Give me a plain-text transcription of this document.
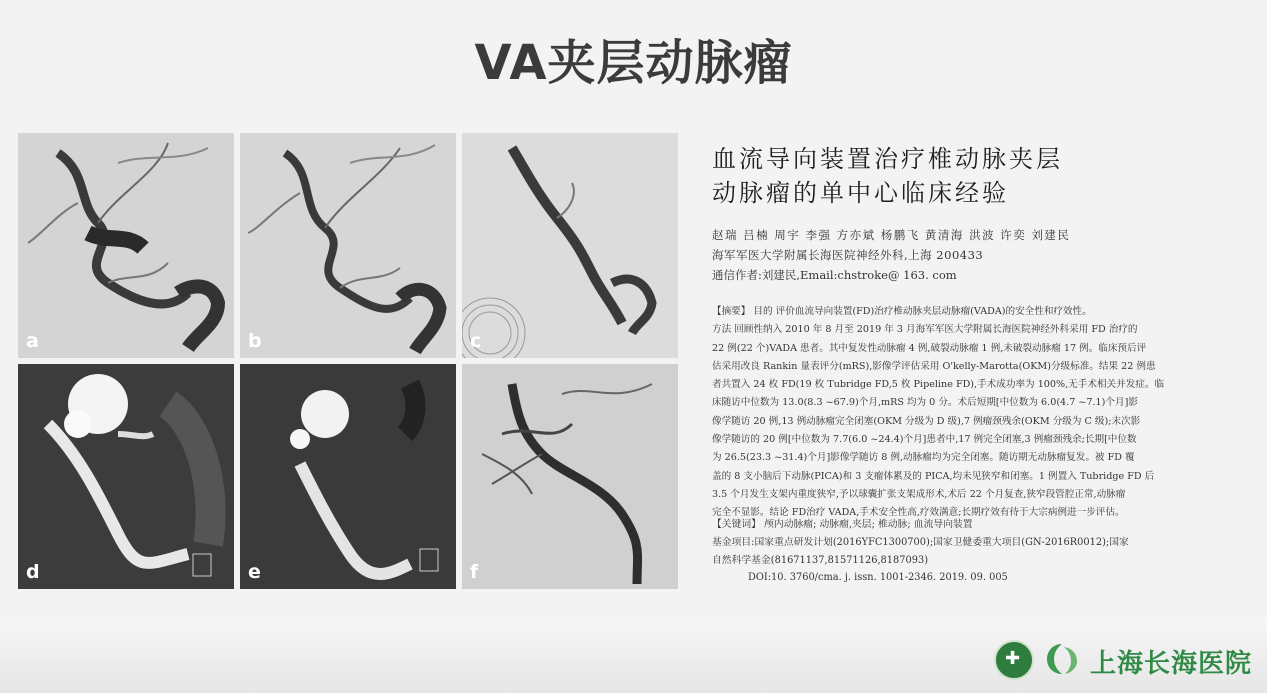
VA夹层动脉瘤
a	b	c
d	e	f
血流导向装置治疗椎动脉夹层
动脉瘤的单中心临床经验
赵瑞 吕楠 周宇 李强 方亦斌 杨鹏飞 黄清海 洪波 许奕 刘建民
海军军医大学附属长海医院神经外科,上海 200433
通信作者:刘建民,Email:chstroke@ 163. com

【摘要】 目的 评价血流导向装置(FD)治疗椎动脉夹层动脉瘤(VADA)的安全性和疗效性。

方法 回顾性纳入 2010 年 8 月至 2019 年 3 月海军军医大学附属长海医院神经外科采用 FD 治疗的

22 例(22 个)VADA 患者。其中复发性动脉瘤 4 例,破裂动脉瘤 1 例,未破裂动脉瘤 17 例。临床预后评

估采用改良 Rankin 量表评分(mRS),影像学评估采用 O'kelly-Marotta(OKM)分级标准。结果 22 例患

者共置入 24 枚 FD(19 枚 Tubridge FD,5 枚 Pipeline FD),手术成功率为 100%,无手术相关并发症。临

床随访中位数为 13.0(8.3 ~67.9)个月,mRS 均为 0 分。术后短期[中位数为 6.0(4.7 ~7.1)个月]影

像学随访 20 例,13 例动脉瘤完全闭塞(OKM 分级为 D 级),7 例瘤颈残余(OKM 分级为 C 级);末次影

像学随访的 20 例[中位数为 7.7(6.0 ~24.4)个月]患者中,17 例完全闭塞,3 例瘤颈残余;长期[中位数

为 26.5(23.3 ~31.4)个月]影像学随访 8 例,动脉瘤均为完全闭塞。随访期无动脉瘤复发。被 FD 覆

盖的 8 支小脑后下动脉(PICA)和 3 支瘤体累及的 PICA,均未见狭窄和闭塞。1 例置入 Tubridge FD 后

3.5 个月发生支架内重度狭窄,予以球囊扩张支架成形术,术后 22 个月复查,狭窄段管腔正常,动脉瘤

完全不显影。结论 FD治疗 VADA,手术安全性高,疗效满意;长期疗效有待于大宗病例进一步评估。

【关键词】 颅内动脉瘤; 动脉瘤,夹层; 椎动脉; 血流导向装置
基金项目:国家重点研发计划(2016YFC1300700);国家卫健委重大项目(GN-2016R0012);国家
自然科学基金(81671137,81571126,8187093)
DOI:10. 3760/cma. j. issn. 1001-2346. 2019. 09. 005
✚	上海长海医院
